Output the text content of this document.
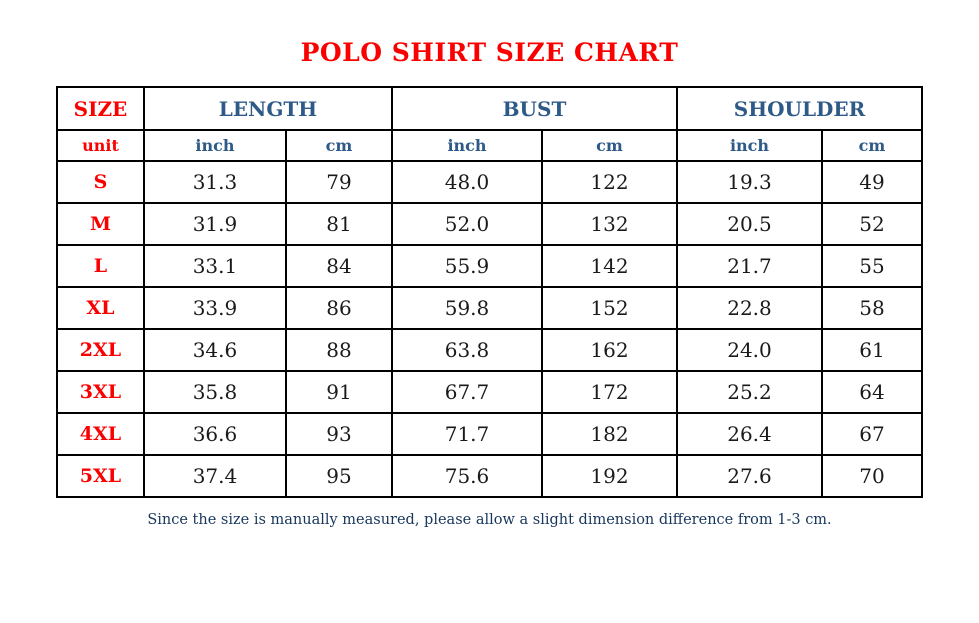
POLO SHIRT SIZE CHART
SIZE	LENGTH		BUST		SHOULDER	
unit	inch	cm	inch	cm	inch	cm
S	31.3	79	48.0	122	19.3	49
M	31.9	81	52.0	132	20.5	52
L	33.1	84	55.9	142	21.7	55
XL	33.9	86	59.8	152	22.8	58
2XL	34.6	88	63.8	162	24.0	61
3XL	35.8	91	67.7	172	25.2	64
4XL	36.6	93	71.7	182	26.4	67
5XL	37.4	95	75.6	192	27.6	70
Since the size is manually measured, please allow a slight dimension difference from 1-3 cm.
